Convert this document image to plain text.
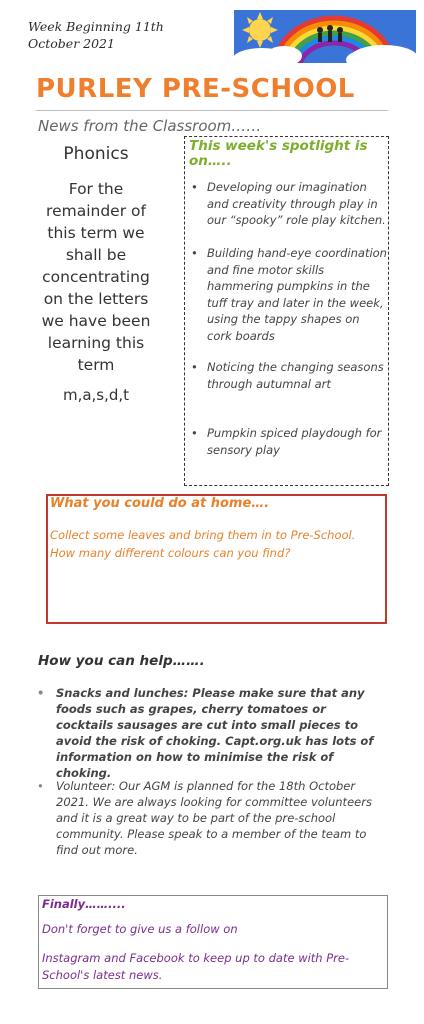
Week Beginning 11th
October 2021
PURLEY PRE-SCHOOL
News from the Classroom……
Phonics
For the remainder of this term we shall be concentrating on the letters we have been learning this term
m,a,s,d,t
• Developing our imagination and creativity through play in our “spooky” role play kitchen.
• Building hand-eye coordination and fine motor skills hammering pumpkins in the tuff tray and later in the week, using the tappy shapes on cork boards
• Noticing the changing seasons through autumnal art
• Pumpkin spiced playdough for sensory play
This week's spotlight is on…..
What you could do at home….
Collect some leaves and bring them in to Pre-School.
How many different colours can you find?
How you can help…….
• Snacks and lunches: Please make sure that any foods such as grapes, cherry tomatoes or cocktails sausages are cut into small pieces to avoid the risk of choking. Capt.org.uk has lots of information on how to minimise the risk of choking.
• Volunteer: Our AGM is planned for the 18th October 2021. We are always looking for committee volunteers and it is a great way to be part of the pre-school community. Please speak to a member of the team to find out more.
Finally……....
Don't forget to give us a follow on
Instagram and Facebook to keep up to date with Pre-School's latest news.
